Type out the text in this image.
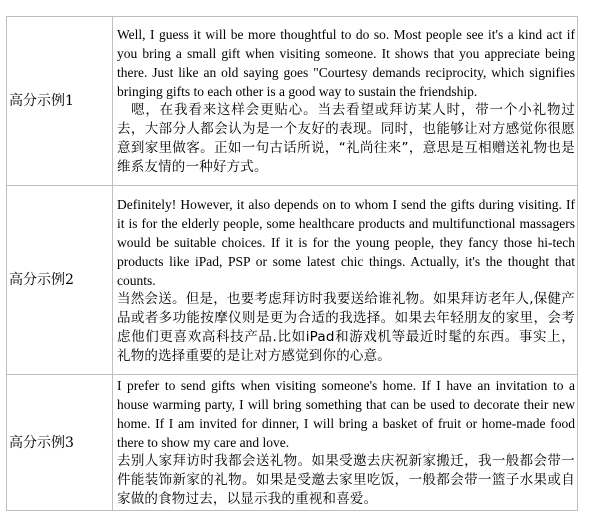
高分示例1	Well, I guess it will be more thoughtful to do so. Most people see it's a kind act if you bring a small gift when visiting someone. It shows that you appreciate being there. Just like an old saying goes "Courtesy demands reciprocity, which signifies bringing gifts to each other is a good way to sustain the friendship.

嗯，在我看来这样会更贴心。当去看望或拜访某人时，带一个小礼物过去，大部分人都会认为是一个友好的表现。同时，也能够让对方感觉你很愿意到家里做客。正如一句古话所说，“礼尚往来”，意思是互相赠送礼物也是维系友情的一种好方式。

高分示例2	Definitely! However, it also depends on to whom I send the gifts during visiting. If it is for the elderly people, some healthcare products and multifunctional massagers would be suitable choices. If it is for the young people, they fancy those hi-tech products like iPad, PSP or some latest chic things. Actually, it's the thought that counts.

当然会送。但是，也要考虑拜访时我要送给谁礼物。如果拜访老年人,保健产品或者多功能按摩仪则是更为合适的我选择。如果去年轻朋友的家里，会考虑他们更喜欢高科技产品.比如iPad和游戏机等最近时髦的东西。事实上，礼物的选择重要的是让对方感觉到你的心意。

高分示例3	I prefer to send gifts when visiting someone's home. If I have an invitation to a house warming party, I will bring something that can be used to decorate their new home. If I am invited for dinner, I will bring a basket of fruit or home-made food there to show my care and love.

去别人家拜访时我都会送礼物。如果受邀去庆祝新家搬迁，我一般都会带一件能装饰新家的礼物。如果是受邀去家里吃饭，一般都会带一篮子水果或自家做的食物过去，以显示我的重视和喜爱。
